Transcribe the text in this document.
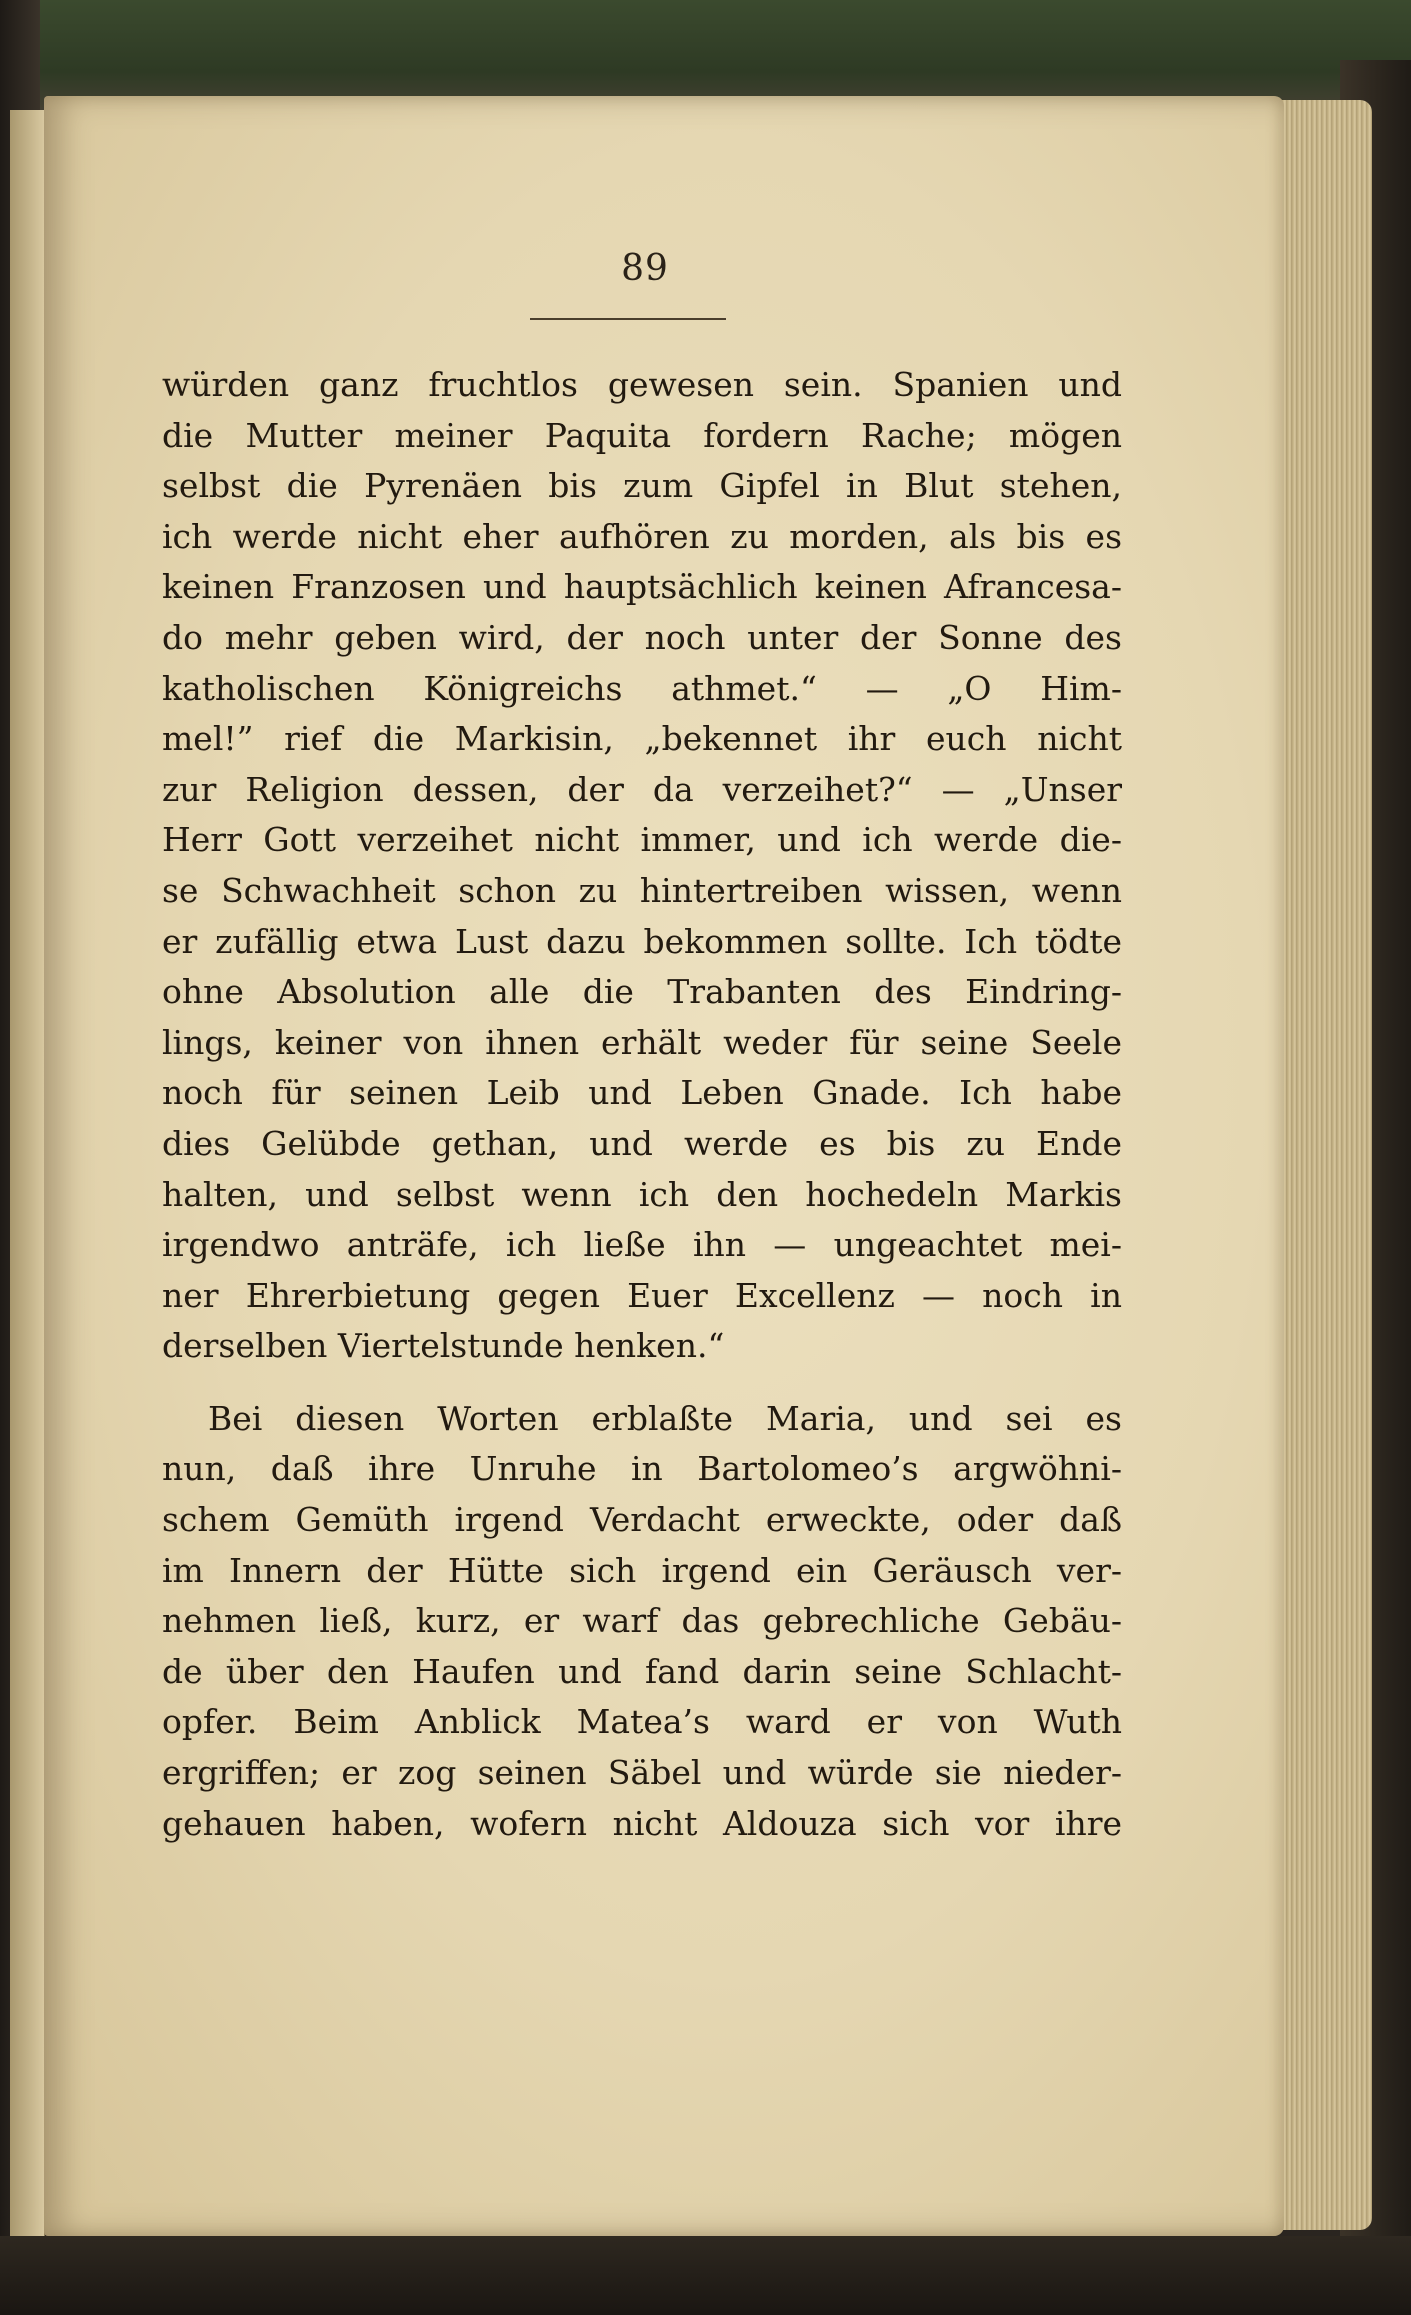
89
würden ganz fruchtlos gewesen sein. Spanien und
die Mutter meiner Paquita fordern Rache; mögen
selbst die Pyrenäen bis zum Gipfel in Blut stehen,
ich werde nicht eher aufhören zu morden, als bis es
keinen Franzosen und hauptsächlich keinen Afrancesa-
do mehr geben wird, der noch unter der Sonne des
katholischen Königreichs athmet.“ — „O Him-
mel!” rief die Markisin, „bekennet ihr euch nicht
zur Religion dessen, der da verzeihet?“ — „Unser
Herr Gott verzeihet nicht immer, und ich werde die-
se Schwachheit schon zu hintertreiben wissen, wenn
er zufällig etwa Lust dazu bekommen sollte. Ich tödte
ohne Absolution alle die Trabanten des Eindring-
lings, keiner von ihnen erhält weder für seine Seele
noch für seinen Leib und Leben Gnade. Ich habe
dies Gelübde gethan, und werde es bis zu Ende
halten, und selbst wenn ich den hochedeln Markis
irgendwo anträfe, ich ließe ihn — ungeachtet mei-
ner Ehrerbietung gegen Euer Excellenz — noch in
derselben Viertelstunde henken.“
Bei diesen Worten erblaßte Maria, und sei es
nun, daß ihre Unruhe in Bartolomeo’s argwöhni-
schem Gemüth irgend Verdacht erweckte, oder daß
im Innern der Hütte sich irgend ein Geräusch ver-
nehmen ließ, kurz, er warf das gebrechliche Gebäu-
de über den Haufen und fand darin seine Schlacht-
opfer. Beim Anblick Matea’s ward er von Wuth
ergriffen; er zog seinen Säbel und würde sie nieder-
gehauen haben, wofern nicht Aldouza sich vor ihre
